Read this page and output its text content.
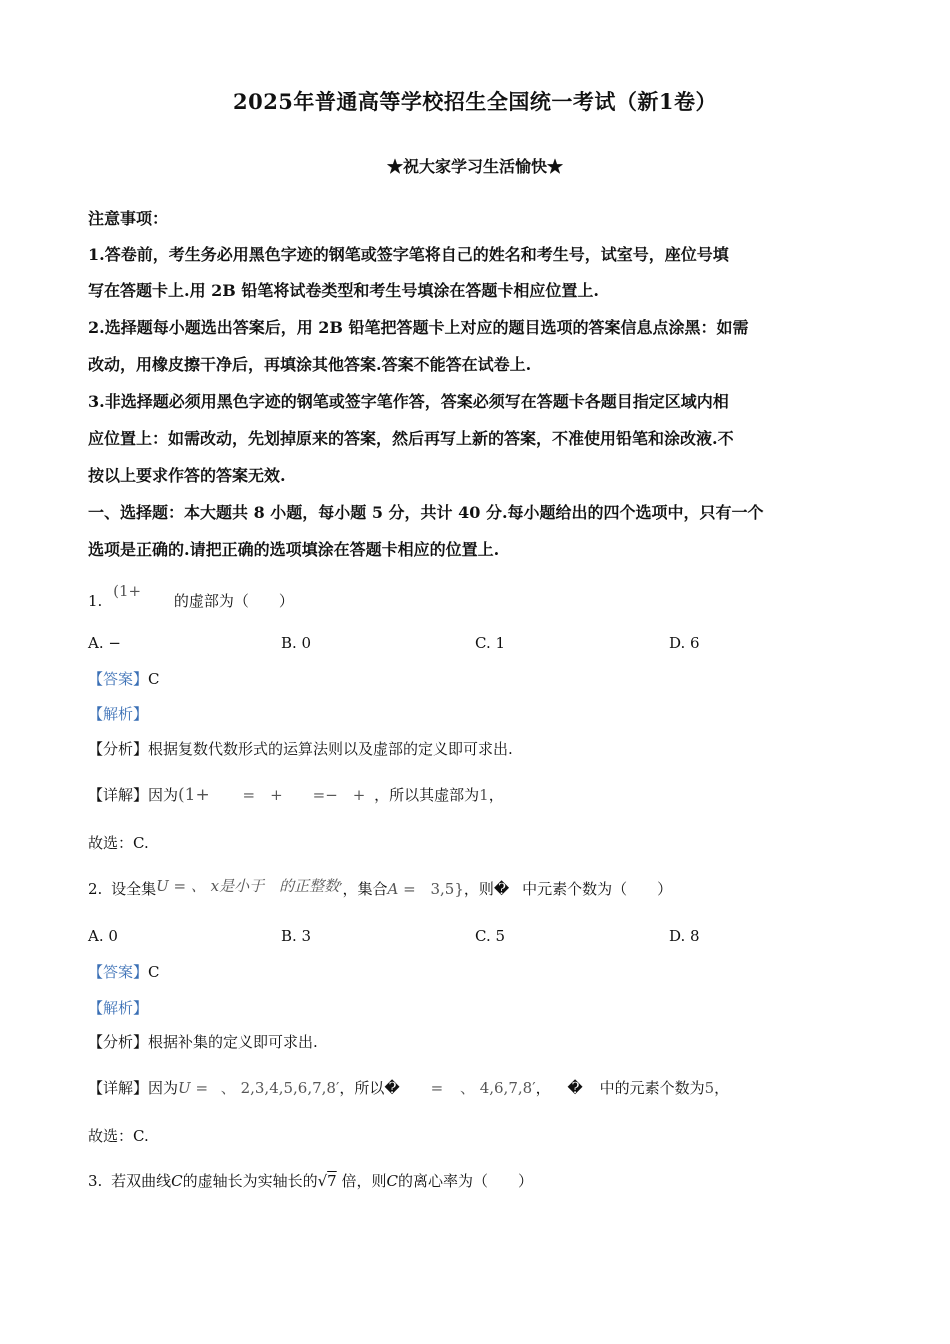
2025年普通高等学校招生全国统一考试（新1卷）
★祝大家学习生活愉快★
注意事项：
1.答卷前，考生务必用黑色字迹的钢笔或签字笔将自己的姓名和考生号，试室号，座位号填
写在答题卡上.用 2B 铅笔将试卷类型和考生号填涂在答题卡相应位置上.
2.选择题每小题选出答案后，用 2B 铅笔把答题卡上对应的题目选项的答案信息点涂黑：如需
改动，用橡皮擦干净后，再填涂其他答案.答案不能答在试卷上.
3.非选择题必须用黑色字迹的钢笔或签字笔作答，答案必须写在答题卡各题目指定区域内相
应位置上：如需改动，先划掉原来的答案，然后再写上新的答案，不准使用铅笔和涂改液.不
按以上要求作答的答案无效.
一、选择题：本大题共 8 小题，每小题 5 分，共计 40 分.每小题给出的四个选项中，只有一个
选项是正确的.请把正确的选项填涂在答题卡相应的位置上.
1. (1+ 的虚部为（　　）
A. −	B. 0	C. 1	D. 6
【答案】C
【解析】
【分析】根据复数代数形式的运算法则以及虚部的定义即可求出.
【详解】因为(1+ =　+　　=−　+ ，所以其虚部为1，
故选：C.
2. 设全集U = 、 x是小于　的正整数′，集合A = 3,5}，则� 中元素个数为（　　）
A. 0	B. 3	C. 5	D. 8
【答案】C
【解析】
【分析】根据补集的定义即可求出.
【详解】因为U = 、 2,3,4,5,6,7,8′，所以� = 、 4,6,7,8′， � 中的元素个数为5，
故选：C.
3. 若双曲线C的虚轴长为实轴长的√7 倍，则C的离心率为（　　）
